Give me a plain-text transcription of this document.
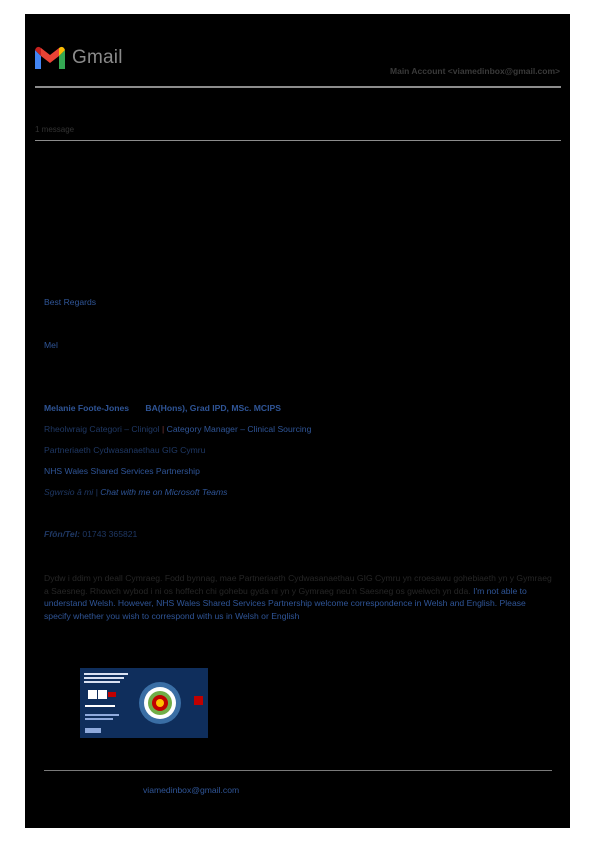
Gmail
Main Account <viamedinbox@gmail.com>
1 message
Best Regards
Mel
Melanie Foote-Jones BA(Hons), Grad IPD, MSc. MCIPS
Rheolwraig Categori – Clinigol | Category Manager – Clinical Sourcing
Partneriaeth Cydwasanaethau GIG Cymru
NHS Wales Shared Services Partnership
Sgwrsio â mi | Chat with me on Microsoft Teams
Ffôn/Tel: 01743 365821
Dydw i ddim yn deall Cymraeg. Fodd bynnag, mae Partneriaeth Cydwasanaethau GIG Cymru yn croesawu gohebiaeth yn y Gymraeg a Saesneg. Rhowch wybod i ni os hoffech chi gohebu gyda ni yn y Gymraeg neu'n Saesneg os gwelwch yn dda. I'm not able to understand Welsh. However, NHS Wales Shared Services Partnership welcome correspondence in Welsh and English. Please specify whether you wish to correspond with us in Welsh or English
viamedinbox@gmail.com
